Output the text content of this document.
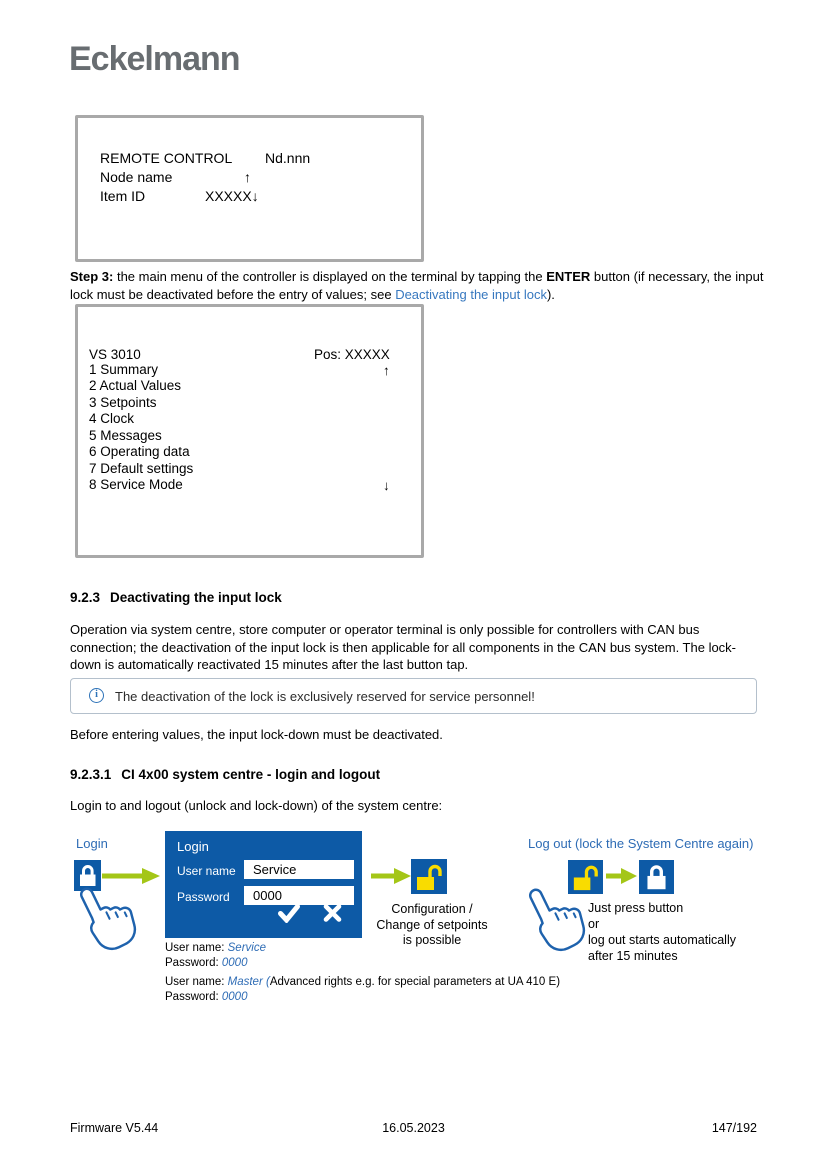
Eckelmann
REMOTE CONTROL Nd.nnn
Node name	↑
Item ID	XXXXX↓
Step 3: the main menu of the controller is displayed on the terminal by tapping the ENTER button (if necessary, the input lock must be deactivated before the entry of values; see Deactivating the input lock).
VS 3010	Pos: XXXXX
↑
1 Summary
2 Actual Values
3 Setpoints
4 Clock
5 Messages
6 Operating data
7 Default settings
8 Service Mode	↓
9.2.3 Deactivating the input lock
Operation via system centre, store computer or operator terminal is only possible for controllers with CAN bus connection; the deactivation of the input lock is then applicable for all components in the CAN bus system. The lock-down is automatically reactivated 15 minutes after the last button tap.
i	The deactivation of the lock is exclusively reserved for service personnel!
Before entering values, the input lock-down must be deactivated.
9.2.3.1 CI 4x00 system centre - login and logout
Login to and logout (unlock and lock-down) of the system centre:
Login	Login
User name	Service
Password	0000
User name: Service
Password: 0000
User name: Master (Advanced rights e.g. for special parameters at UA 410 E)
Password: 0000
Configuration /
Change of setpoints
is possible
Log out (lock the System Centre again)
Just press button
or
log out starts automatically
after 15 minutes
Firmware V5.44	16.05.2023	147/192
